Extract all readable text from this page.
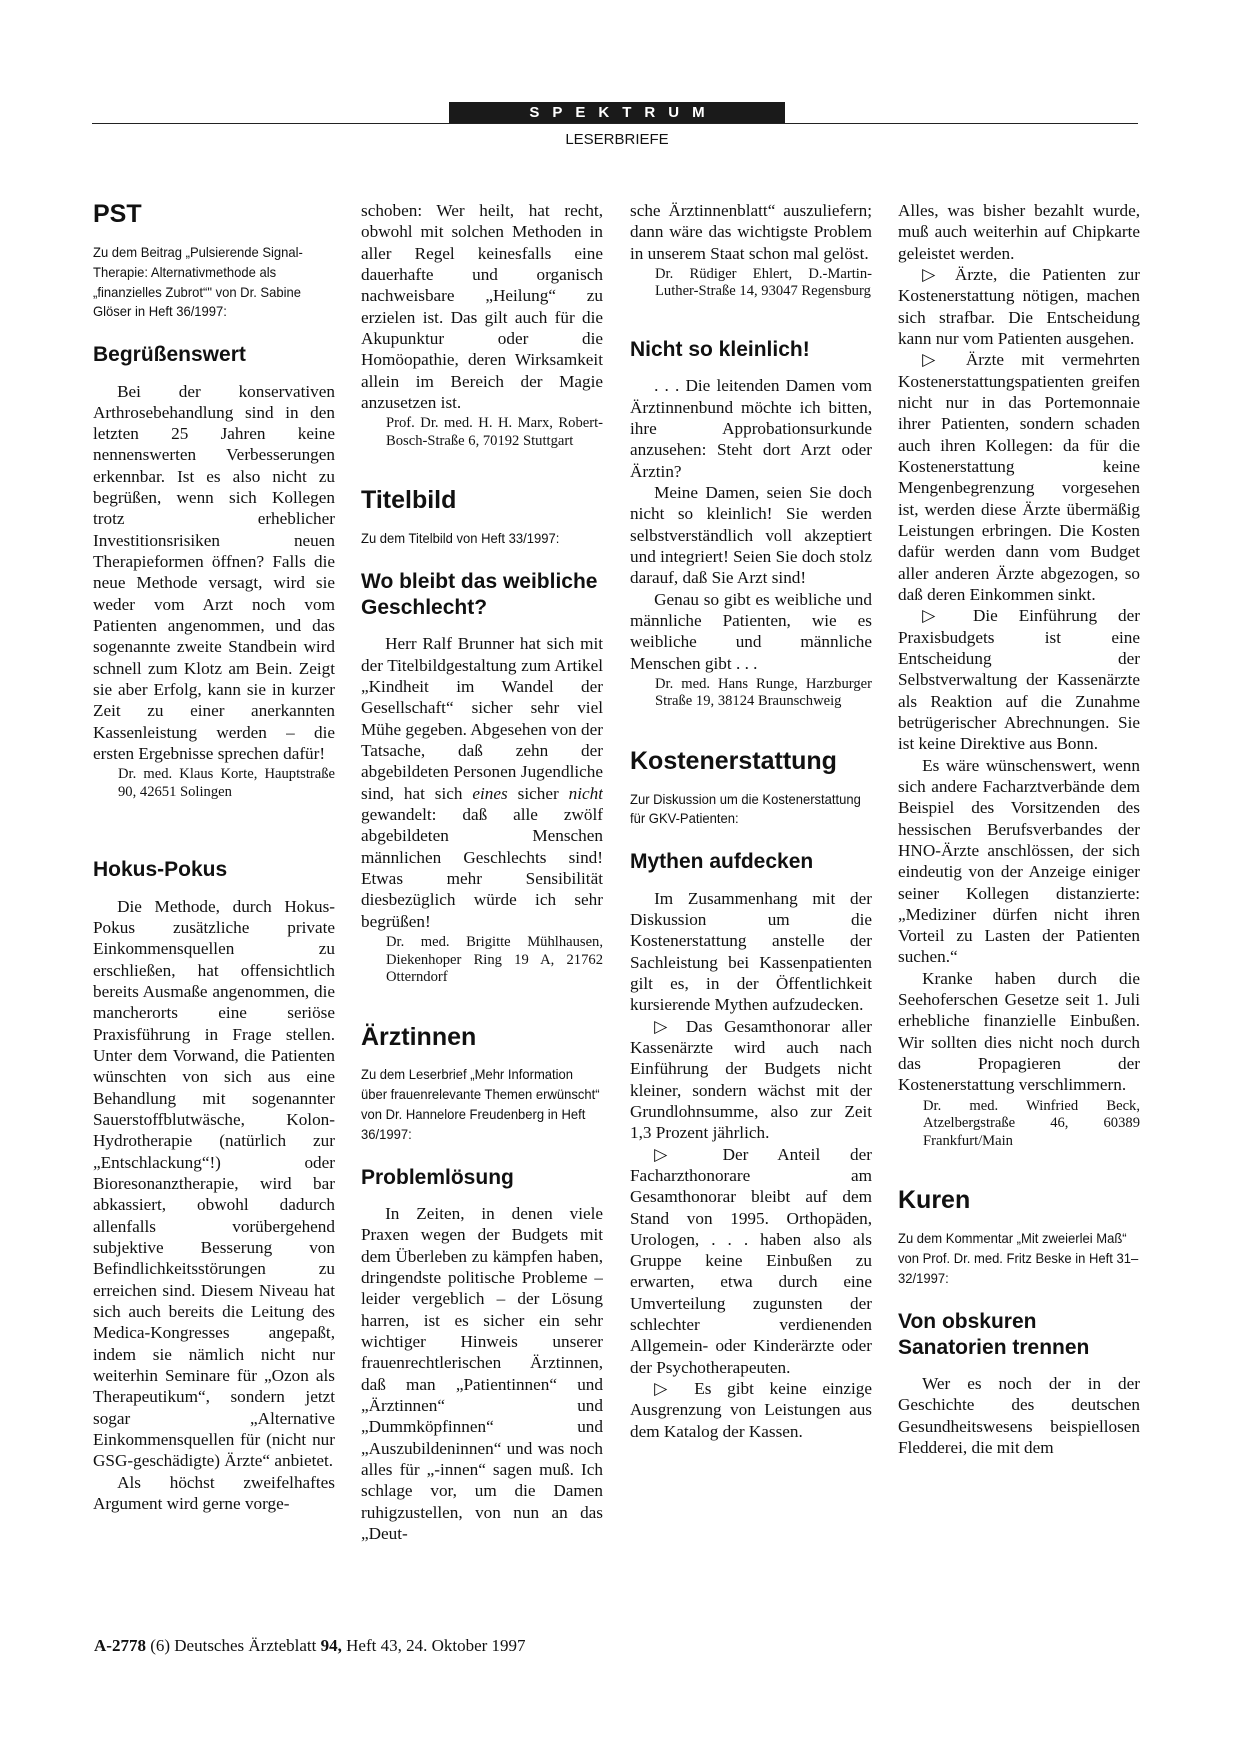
SPEKTRUM
LESERBRIEFE
PST
Zu dem Beitrag „Pulsierende Signal-Therapie: Alternativmethode als „finanzielles Zubrot“" von Dr. Sabine Glöser in Heft 36/1997:
Begrüßenswert

Bei der konservativen Arthrosebehandlung sind in den letzten 25 Jahren keine nennenswerten Verbesserungen erkennbar. Ist es also nicht zu begrüßen, wenn sich Kollegen trotz erheblicher Investitionsrisiken neuen Therapieformen öffnen? Falls die neue Methode versagt, wird sie weder vom Arzt noch vom Patienten angenommen, und das sogenannte zweite Standbein wird schnell zum Klotz am Bein. Zeigt sie aber Erfolg, kann sie in kurzer Zeit zu einer anerkannten Kassenleistung werden – die ersten Ergebnisse sprechen dafür!

Dr. med. Klaus Korte, Hauptstraße 90, 42651 Solingen

Hokus-Pokus

Die Methode, durch Hokus-Pokus zusätzliche private Einkommensquellen zu erschließen, hat offensichtlich bereits Ausmaße angenommen, die mancherorts eine seriöse Praxisführung in Frage stellen. Unter dem Vorwand, die Patienten wünschten von sich aus eine Behandlung mit sogenannter Sauerstoffblutwäsche, Kolon-Hydrotherapie (natürlich zur „Entschlackung“!) oder Bioresonanztherapie, wird bar abkassiert, obwohl dadurch allenfalls vorübergehend subjektive Besserung von Befindlichkeitsstörungen zu erreichen sind. Diesem Niveau hat sich auch bereits die Leitung des Medica-Kongresses angepaßt, indem sie nämlich nicht nur weiterhin Seminare für „Ozon als Therapeutikum“, sondern jetzt sogar „Alternative Einkommensquellen für (nicht nur GSG-geschädigte) Ärzte“ anbietet.

Als höchst zweifelhaftes Argument wird gerne vorge-

schoben: Wer heilt, hat recht, obwohl mit solchen Methoden in aller Regel keinesfalls eine dauerhafte und organisch nachweisbare „Heilung“ zu erzielen ist. Das gilt auch für die Akupunktur oder die Homöopathie, deren Wirksamkeit allein im Bereich der Magie anzusetzen ist.

Prof. Dr. med. H. H. Marx, Robert-Bosch-Straße 6, 70192 Stuttgart

Titelbild
Zu dem Titelbild von Heft 33/1997:
Wo bleibt das weibliche Geschlecht?

Herr Ralf Brunner hat sich mit der Titelbildgestaltung zum Artikel „Kindheit im Wandel der Gesellschaft“ sicher sehr viel Mühe gegeben. Abgesehen von der Tatsache, daß zehn der abgebildeten Personen Jugendliche sind, hat sich eines sicher nicht gewandelt: daß alle zwölf abgebildeten Menschen männlichen Geschlechts sind! Etwas mehr Sensibilität diesbezüglich würde ich sehr begrüßen!

Dr. med. Brigitte Mühlhausen, Diekenhoper Ring 19 A, 21762 Otterndorf

Ärztinnen
Zu dem Leserbrief „Mehr Information über frauenrelevante Themen erwünscht“ von Dr. Hannelore Freudenberg in Heft 36/1997:
Problemlösung

In Zeiten, in denen viele Praxen wegen der Budgets mit dem Überleben zu kämpfen haben, dringendste politische Probleme – leider vergeblich – der Lösung harren, ist es sicher ein sehr wichtiger Hinweis unserer frauenrechtlerischen Ärztinnen, daß man „Patientinnen“ und „Ärztinnen“ und „Dummköpfinnen“ und „Auszubildeninnen“ und was noch alles für „-innen“ sagen muß. Ich schlage vor, um die Damen ruhigzustellen, von nun an das „Deut-

sche Ärztinnenblatt“ auszuliefern; dann wäre das wichtigste Problem in unserem Staat schon mal gelöst.

Dr. Rüdiger Ehlert, D.-Martin-Luther-Straße 14, 93047 Regensburg

Nicht so kleinlich!

. . . Die leitenden Damen vom Ärztinnenbund möchte ich bitten, ihre Approbationsurkunde anzusehen: Steht dort Arzt oder Ärztin?

Meine Damen, seien Sie doch nicht so kleinlich! Sie werden selbstverständlich voll akzeptiert und integriert! Seien Sie doch stolz darauf, daß Sie Arzt sind!

Genau so gibt es weibliche und männliche Patienten, wie es weibliche und männliche Menschen gibt . . .

Dr. med. Hans Runge, Harzburger Straße 19, 38124 Braunschweig

Kostenerstattung
Zur Diskussion um die Kostenerstattung für GKV-Patienten:
Mythen aufdecken

Im Zusammenhang mit der Diskussion um die Kostenerstattung anstelle der Sachleistung bei Kassenpatienten gilt es, in der Öffentlichkeit kursierende Mythen aufzudecken.

▷ Das Gesamthonorar aller Kassenärzte wird auch nach Einführung der Budgets nicht kleiner, sondern wächst mit der Grundlohnsumme, also zur Zeit 1,3 Prozent jährlich.

▷ Der Anteil der Facharzthonorare am Gesamthonorar bleibt auf dem Stand von 1995. Orthopäden, Urologen, . . . haben also als Gruppe keine Einbußen zu erwarten, etwa durch eine Umverteilung zugunsten der schlechter verdienenden Allgemein- oder Kinderärzte oder der Psychotherapeuten.

▷ Es gibt keine einzige Ausgrenzung von Leistungen aus dem Katalog der Kassen.

Alles, was bisher bezahlt wurde, muß auch weiterhin auf Chipkarte geleistet werden.

▷ Ärzte, die Patienten zur Kostenerstattung nötigen, machen sich strafbar. Die Entscheidung kann nur vom Patienten ausgehen.

▷ Ärzte mit vermehrten Kostenerstattungspatienten greifen nicht nur in das Portemonnaie ihrer Patienten, sondern schaden auch ihren Kollegen: da für die Kostenerstattung keine Mengenbegrenzung vorgesehen ist, werden diese Ärzte übermäßig Leistungen erbringen. Die Kosten dafür werden dann vom Budget aller anderen Ärzte abgezogen, so daß deren Einkommen sinkt.

▷ Die Einführung der Praxisbudgets ist eine Entscheidung der Selbstverwaltung der Kassenärzte als Reaktion auf die Zunahme betrügerischer Abrechnungen. Sie ist keine Direktive aus Bonn.

Es wäre wünschenswert, wenn sich andere Facharztverbände dem Beispiel des Vorsitzenden des hessischen Berufsverbandes der HNO-Ärzte anschlössen, der sich eindeutig von der Anzeige einiger seiner Kollegen distanzierte: „Mediziner dürfen nicht ihren Vorteil zu Lasten der Patienten suchen.“

Kranke haben durch die Seehoferschen Gesetze seit 1. Juli erhebliche finanzielle Einbußen. Wir sollten dies nicht noch durch das Propagieren der Kostenerstattung verschlimmern.

Dr. med. Winfried Beck, Atzelbergstraße 46, 60389 Frankfurt/Main

Kuren
Zu dem Kommentar „Mit zweierlei Maß“ von Prof. Dr. med. Fritz Beske in Heft 31–32/1997:
Von obskuren Sanatorien trennen

Wer es noch der in der Geschichte des deutschen Gesundheitswesens beispiellosen Fledderei, die mit dem

A-2778 (6) Deutsches Ärzteblatt 94, Heft 43, 24. Oktober 1997
